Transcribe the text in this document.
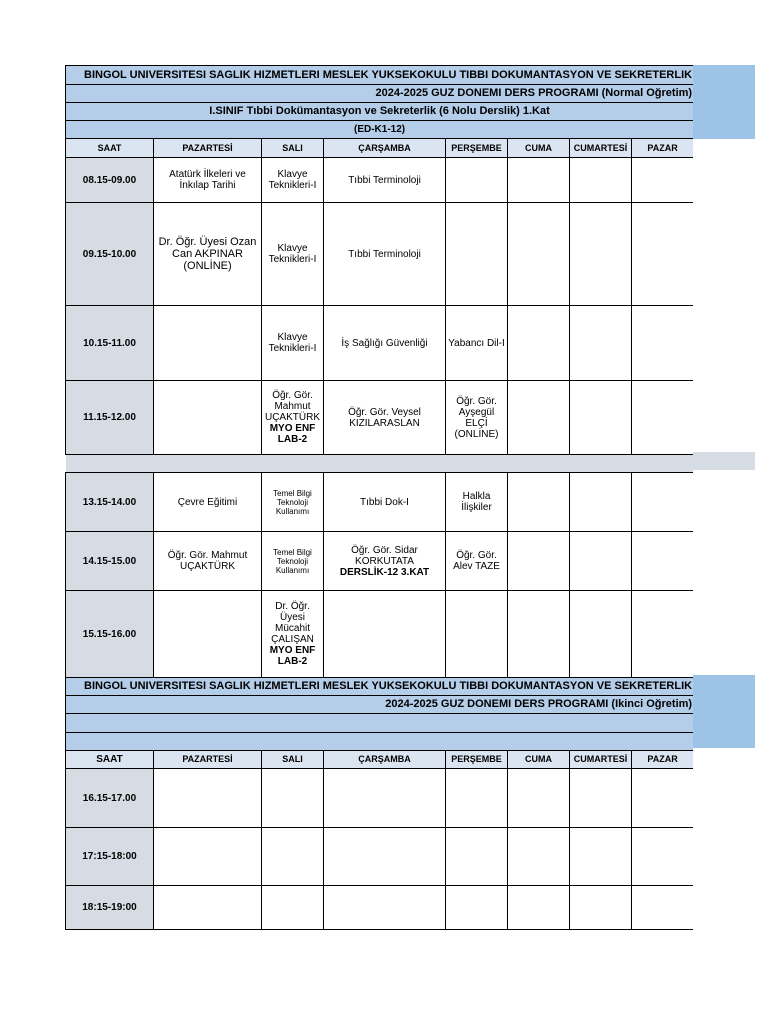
BİNGÖL ÜNİVERSİTESİ SAĞLIK HİZMETLERİ MESLEK YÜKSEKOKULU TIBBİ DOKÜMANTASYON VE SEKRETERLİK							

2024-2025 GÜZ DÖNEMİ DERS PROGRAMI (Normal Öğretim)							

I.SINIF Tıbbi Dokümantasyon ve Sekreterlik (6 Nolu Derslik) 1.Kat							
(ED-K1-12)							
SAAT	PAZARTESİ	SALI	ÇARŞAMBA	PERŞEMBE	CUMA	CUMARTESİ	PAZAR
08.15-09.00	Atatürk İlkeleri ve İnkılap Tarihi	Klavye Teknikleri-I	Tıbbi Terminoloji				
09.15-10.00	Dr. Öğr. Üyesi Ozan Can AKPINAR (ONLİNE)	Klavye Teknikleri-I	Tıbbi Terminoloji				
10.15-11.00		Klavye Teknikleri-I	İş Sağlığı Güvenliği	Yabancı Dil-I			
11.15-12.00		Öğr. Gör. Mahmut UÇAKTÜRK
MYO ENF LAB-2	Öğr. Gör. Veysel KIZILARASLAN	Öğr. Gör. Ayşegül ELÇİ (ONLİNE)			

13.15-14.00	Çevre Eğitimi	Temel Bilgi Teknoloji Kullanımı	Tıbbi Dok-I	Halkla İlişkiler			
14.15-15.00	Öğr. Gör. Mahmut UÇAKTÜRK	Temel Bilgi Teknoloji Kullanımı	Öğr. Gör. Sidar KORKUTATA
DERSLİK-12 3.KAT	Öğr. Gör. Alev TAZE			
15.15-16.00		Dr. Öğr. Üyesi Mücahit ÇALIŞAN
MYO ENF LAB-2					

BİNGÖL ÜNİVERSİTESİ SAĞLIK HİZMETLERİ MESLEK YÜKSEKOKULU TIBBİ DOKÜMANTASYON VE SEKRETERLİK							

2024-2025 GÜZ DÖNEMİ DERS PROGRAMI (İkinci Öğretim)							

SAAT	PAZARTESİ	SALI	ÇARŞAMBA	PERŞEMBE	CUMA	CUMARTESİ	PAZAR
16.15-17.00							
17:15-18:00							
18:15-19:00							
